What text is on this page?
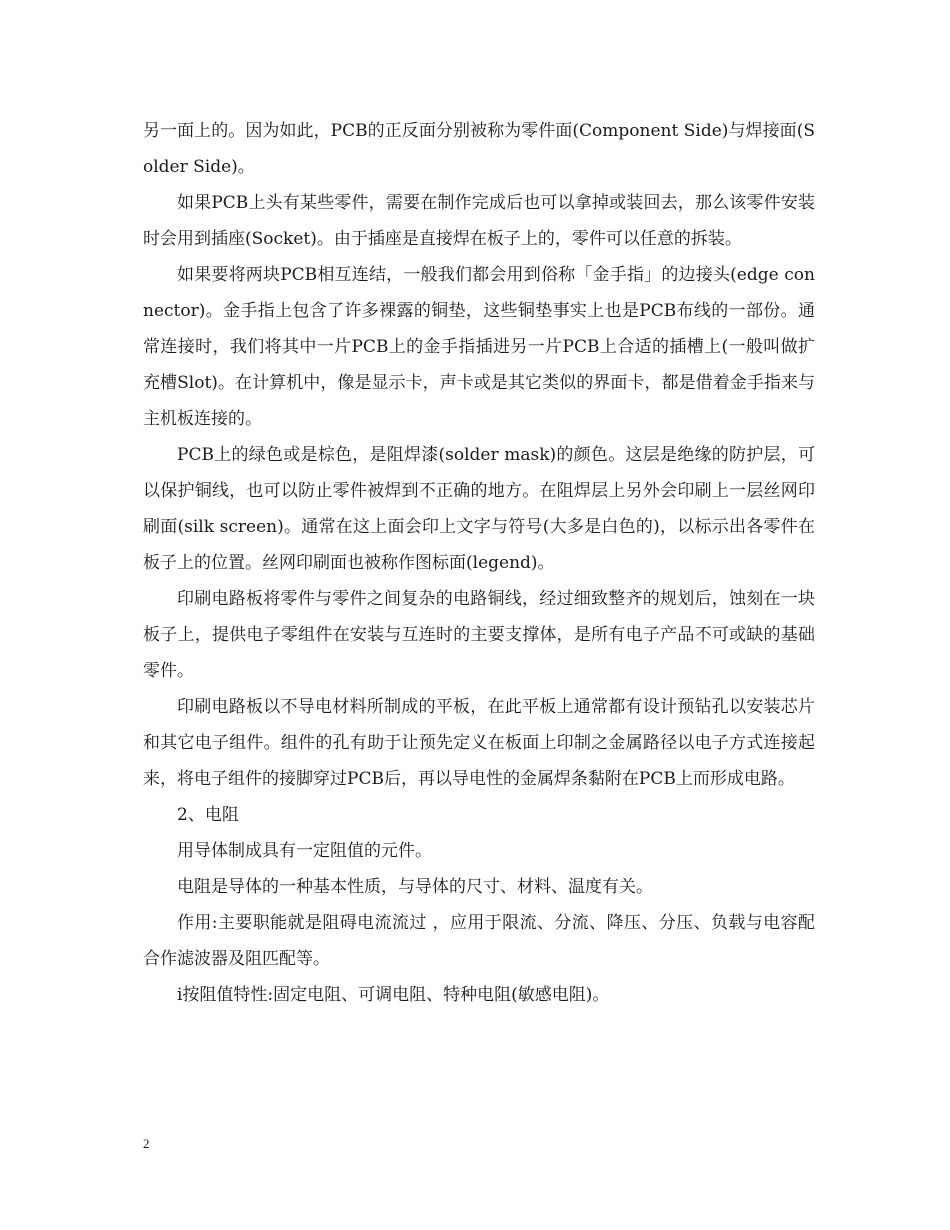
另一面上的。因为如此，PCB的正反面分别被称为零件面(Component Side)与焊接面(Solder Side)。

如果PCB上头有某些零件，需要在制作完成后也可以拿掉或装回去，那么该零件安装时会用到插座(Socket)。由于插座是直接焊在板子上的，零件可以任意的拆装。

如果要将两块PCB相互连结，一般我们都会用到俗称「金手指」的边接头(edge connector)。金手指上包含了许多裸露的铜垫，这些铜垫事实上也是PCB布线的一部份。通常连接时，我们将其中一片PCB上的金手指插进另一片PCB上合适的插槽上(一般叫做扩充槽Slot)。在计算机中，像是显示卡，声卡或是其它类似的界面卡，都是借着金手指来与主机板连接的。

PCB上的绿色或是棕色，是阻焊漆(solder mask)的颜色。这层是绝缘的防护层，可以保护铜线，也可以防止零件被焊到不正确的地方。在阻焊层上另外会印刷上一层丝网印刷面(silk screen)。通常在这上面会印上文字与符号(大多是白色的)，以标示出各零件在板子上的位置。丝网印刷面也被称作图标面(legend)。

印刷电路板将零件与零件之间复杂的电路铜线，经过细致整齐的规划后，蚀刻在一块板子上，提供电子零组件在安装与互连时的主要支撑体，是所有电子产品不可或缺的基础零件。

印刷电路板以不导电材料所制成的平板，在此平板上通常都有设计预钻孔以安装芯片和其它电子组件。组件的孔有助于让预先定义在板面上印制之金属路径以电子方式连接起来，将电子组件的接脚穿过PCB后，再以导电性的金属焊条黏附在PCB上而形成电路。

2、电阻

用导体制成具有一定阻值的元件。

电阻是导体的一种基本性质，与导体的尺寸、材料、温度有关。

作用:主要职能就是阻碍电流流过 ，应用于限流、分流、降压、分压、负载与电容配合作滤波器及阻匹配等。

i按阻值特性:固定电阻、可调电阻、特种电阻(敏感电阻)。

2
